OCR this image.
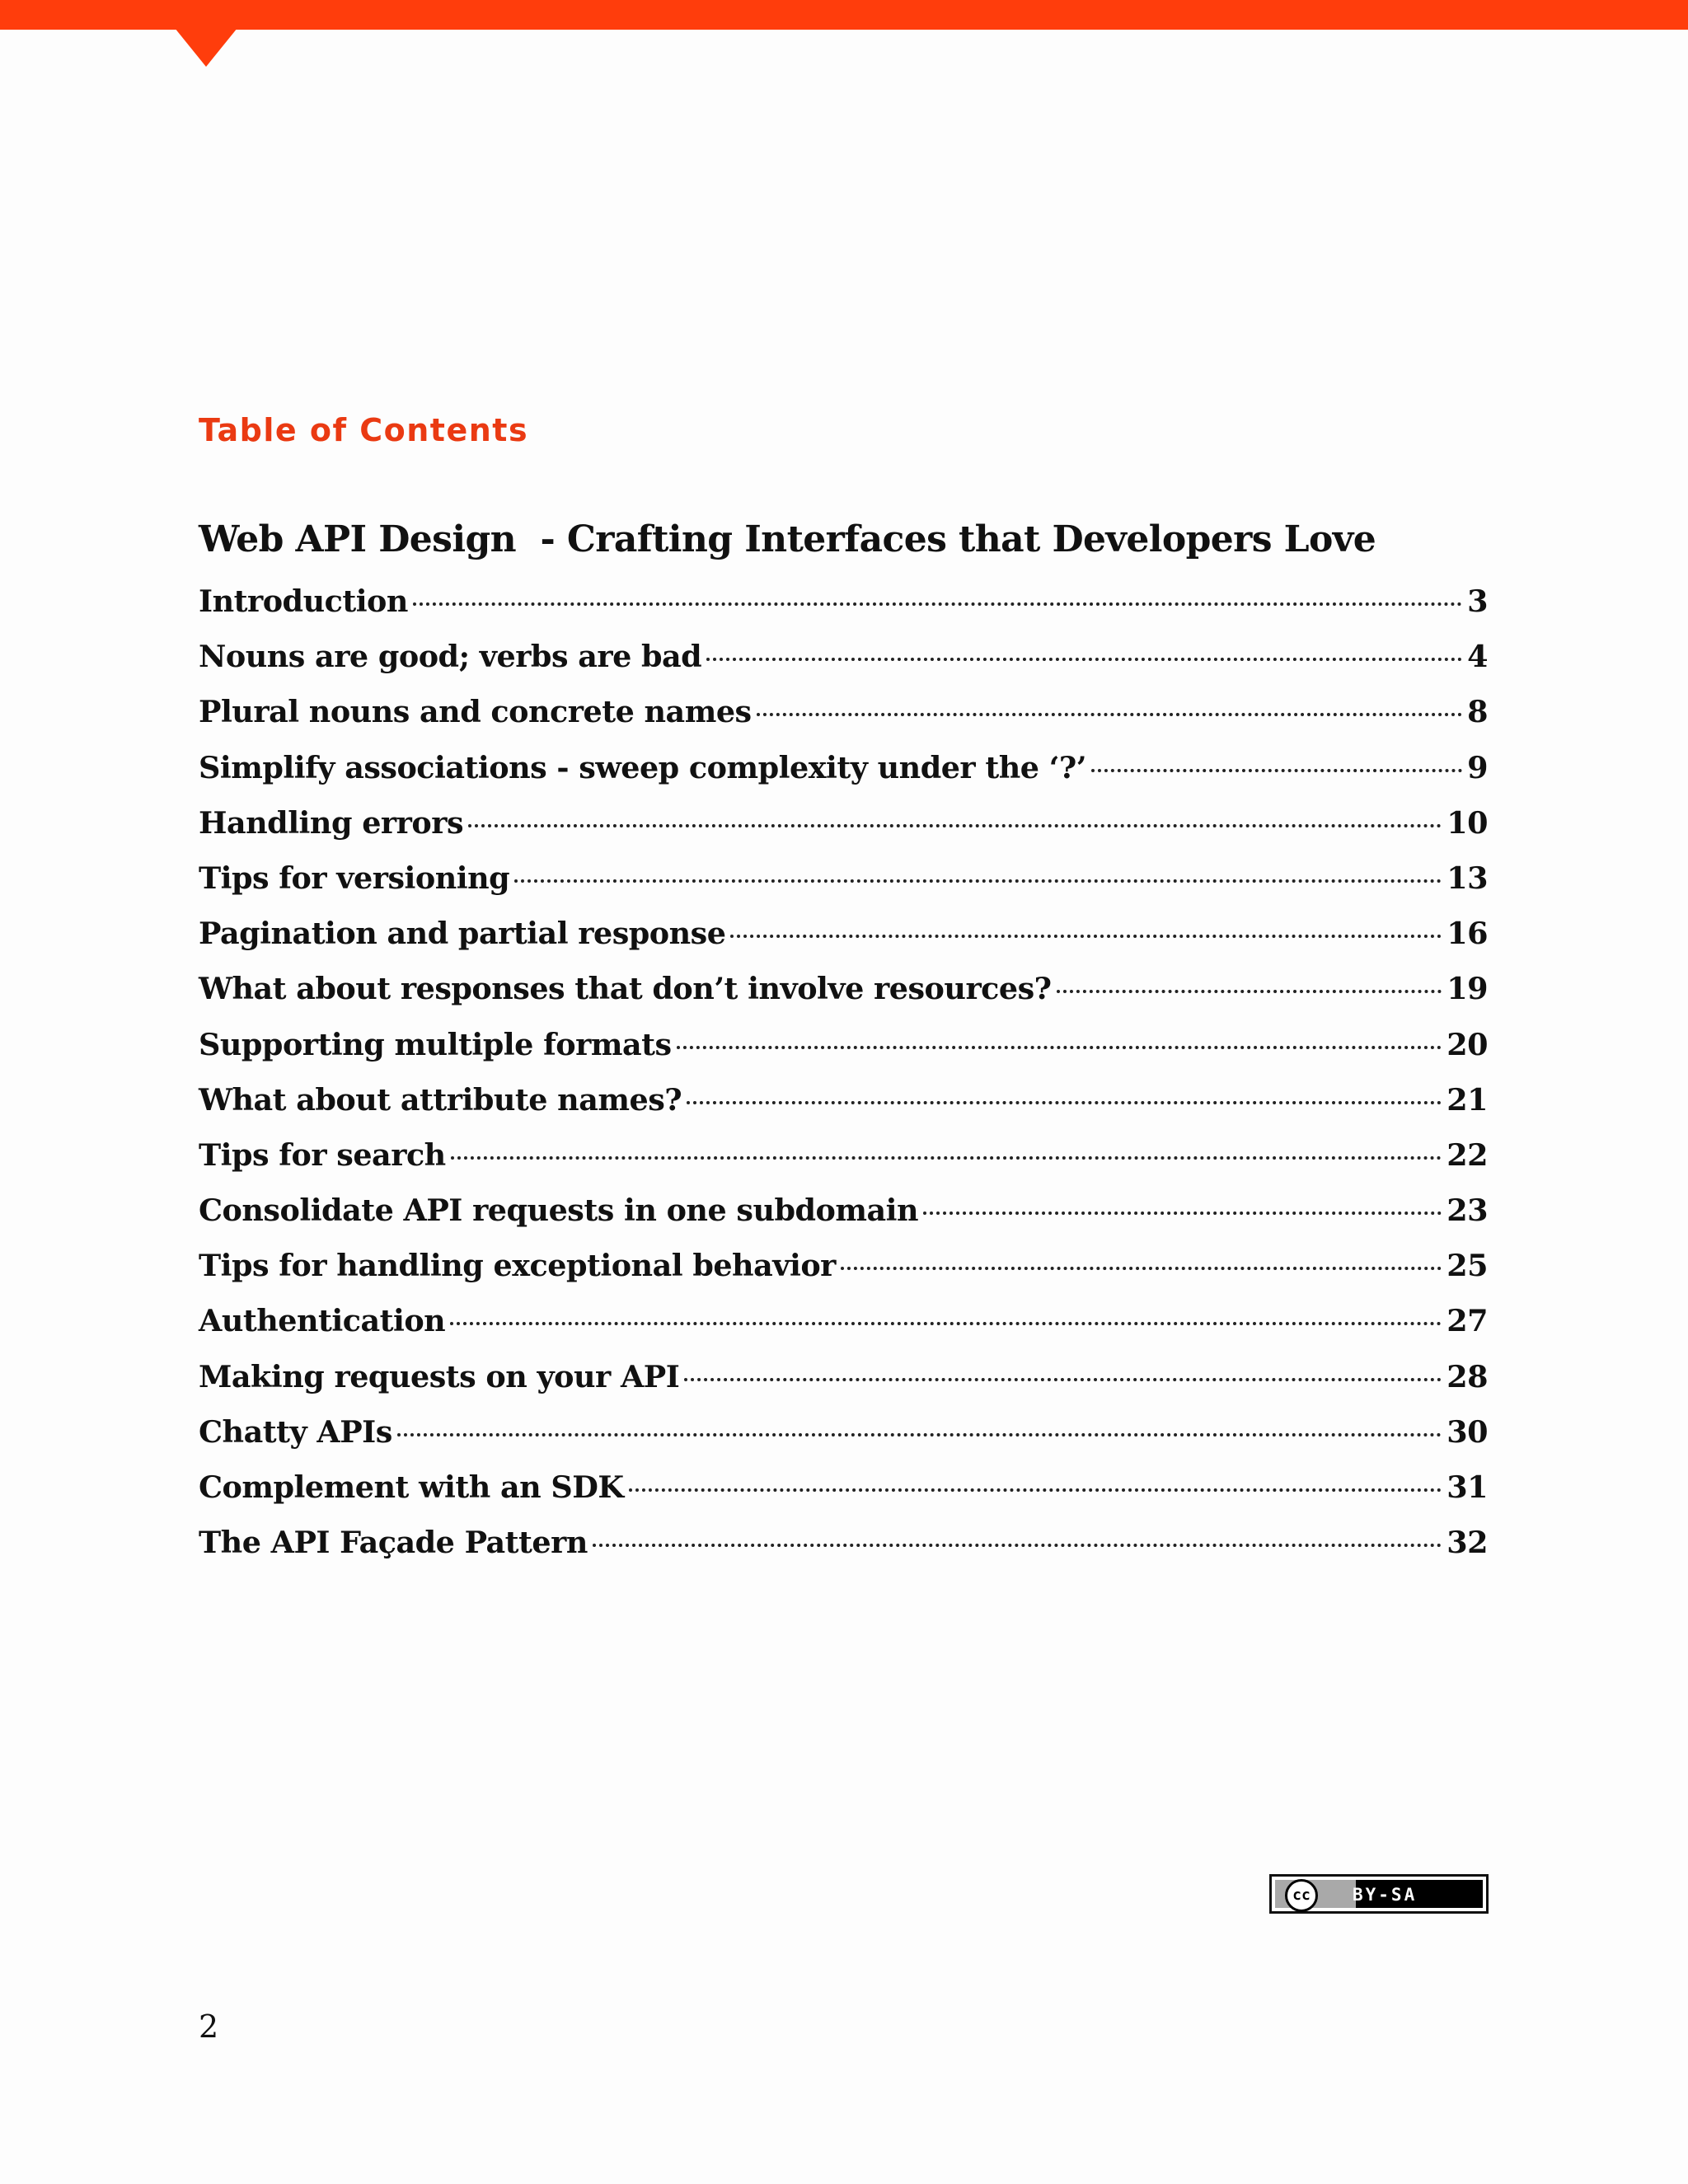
Table of Contents
Web API Design  - Crafting Interfaces that Developers Love
Introduction	3
Nouns are good; verbs are bad	4
Plural nouns and concrete names	8
Simplify associations - sweep complexity under the ‘?’	9
Handling errors	10
Tips for versioning	13
Pagination and partial response	16
What about responses that don’t involve resources?	19
Supporting multiple formats	20
What about attribute names?	21
Tips for search	22
Consolidate API requests in one subdomain	23
Tips for handling exceptional behavior	25
Authentication	27
Making requests on your API	28
Chatty APIs	30
Complement with an SDK	31
The API Façade Pattern	32
cc	BY-SA
2
